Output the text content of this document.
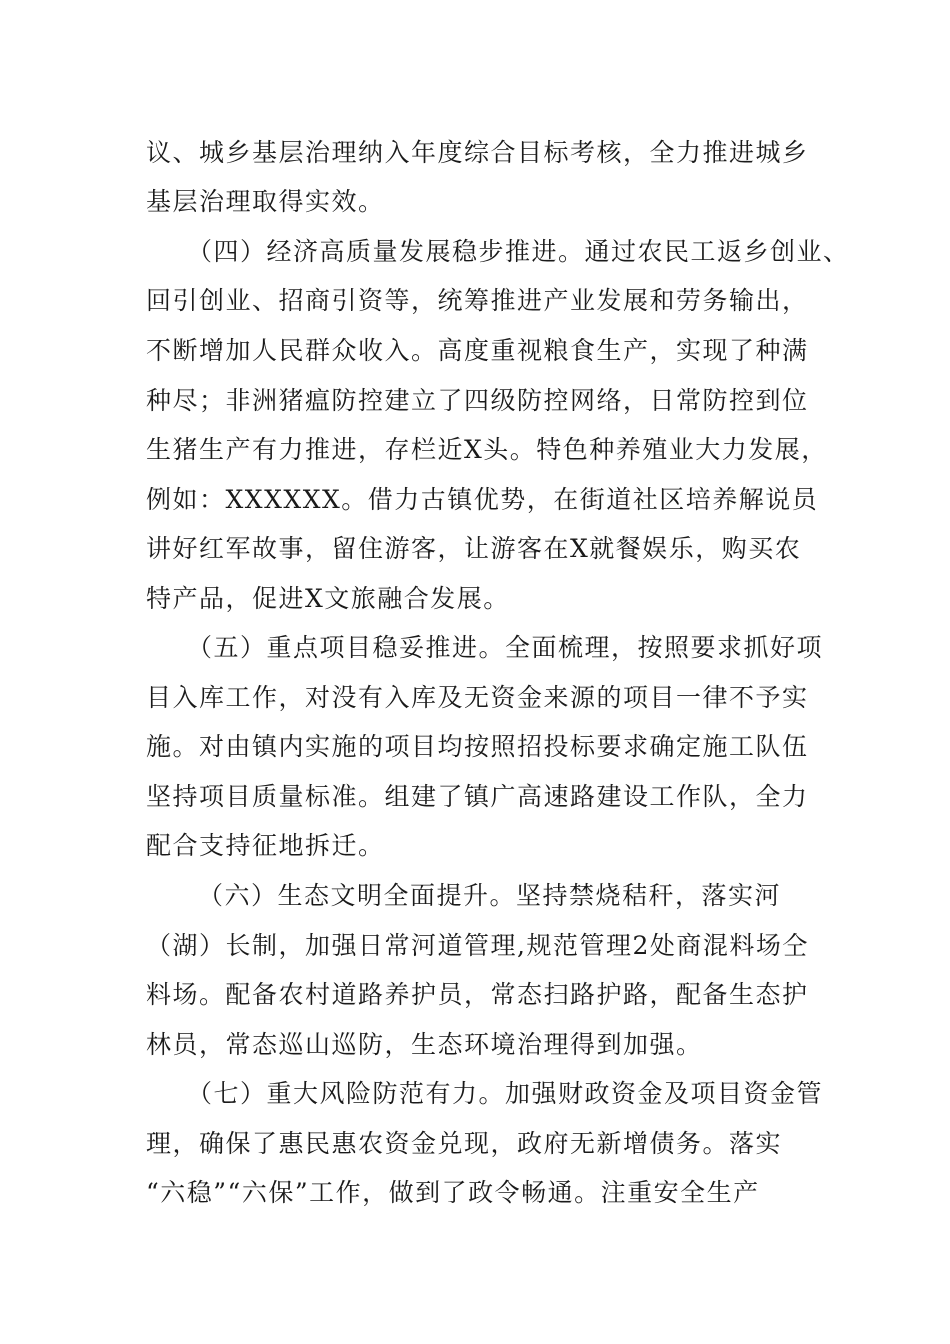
议、城乡基层治理纳入年度综合目标考核，全力推进城乡
基层治理取得实效。
（四）经济高质量发展稳步推进。通过农民工返乡创业、
回引创业、招商引资等，统筹推进产业发展和劳务输出，
不断增加人民群众收入。高度重视粮食生产，实现了种满
种尽；非洲猪瘟防控建立了四级防控网络，日常防控到位
生猪生产有力推进，存栏近X头。特色种养殖业大力发展，
例如：XXXXXX。借力古镇优势，在街道社区培养解说员
讲好红军故事，留住游客，让游客在X就餐娱乐，购买农
特产品，促进X文旅融合发展。
（五）重点项目稳妥推进。全面梳理，按照要求抓好项
目入库工作，对没有入库及无资金来源的项目一律不予实
施。对由镇内实施的项目均按照招投标要求确定施工队伍
坚持项目质量标准。组建了镇广高速路建设工作队，全力
配合支持征地拆迁。
（六）生态文明全面提升。坚持禁烧秸秆，落实河
（湖）长制，加强日常河道管理,规范管理2处商混料场仝
料场。配备农村道路养护员，常态扫路护路，配备生态护
林员，常态巡山巡防，生态环境治理得到加强。
（七）重大风险防范有力。加强财政资金及项目资金管
理，确保了惠民惠农资金兑现，政府无新增债务。落实
“六稳”“六保”工作，做到了政令畅通。注重安全生产
